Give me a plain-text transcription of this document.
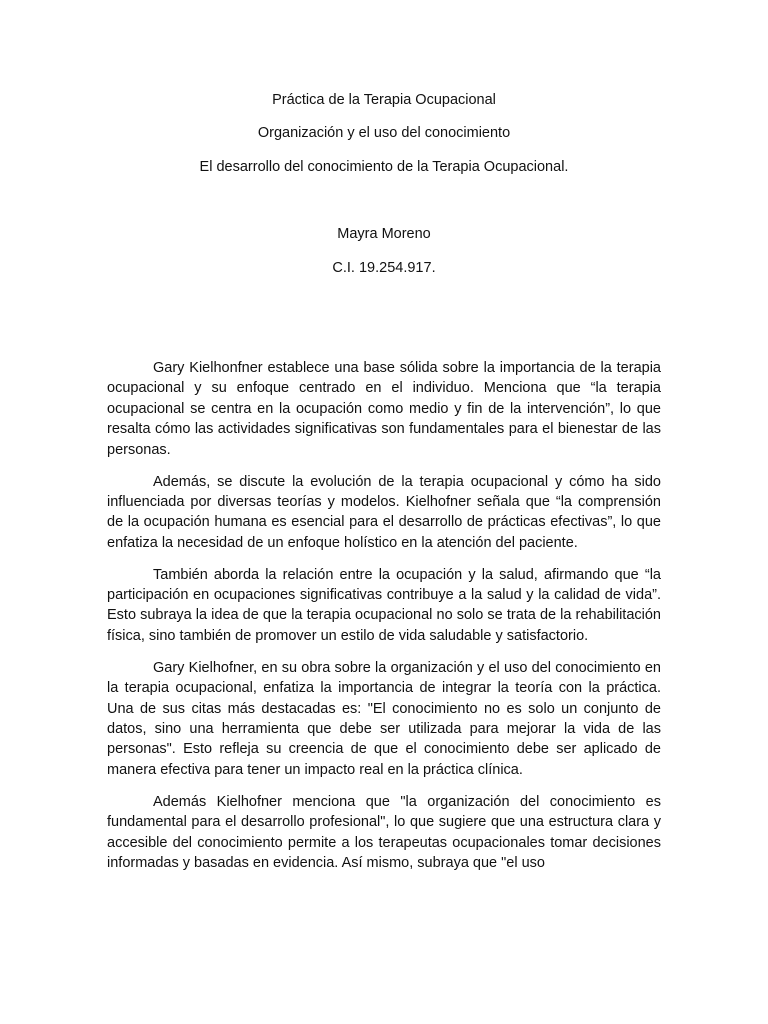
Práctica de la Terapia Ocupacional
Organización y el uso del conocimiento
El desarrollo del conocimiento de la Terapia Ocupacional.
Mayra Moreno
C.I. 19.254.917.

Gary Kielhonfner establece una base sólida sobre la importancia de la terapia ocupacional y su enfoque centrado en el individuo. Menciona que “la terapia ocupacional se centra en la ocupación como medio y fin de la intervención”, lo que resalta cómo las actividades significativas son fundamentales para el bienestar de las personas.

Además, se discute la evolución de la terapia ocupacional y cómo ha sido influenciada por diversas teorías y modelos. Kielhofner señala que “la comprensión de la ocupación humana es esencial para el desarrollo de prácticas efectivas”, lo que enfatiza la necesidad de un enfoque holístico en la atención del paciente.

También aborda la relación entre la ocupación y la salud, afirmando que “la participación en ocupaciones significativas contribuye a la salud y la calidad de vida”. Esto subraya la idea de que la terapia ocupacional no solo se trata de la rehabilitación física, sino también de promover un estilo de vida saludable y satisfactorio.

Gary Kielhofner, en su obra sobre la organización y el uso del conocimiento en la terapia ocupacional, enfatiza la importancia de integrar la teoría con la práctica. Una de sus citas más destacadas es: "El conocimiento no es solo un conjunto de datos, sino una herramienta que debe ser utilizada para mejorar la vida de las personas". Esto refleja su creencia de que el conocimiento debe ser aplicado de manera efectiva para tener un impacto real en la práctica clínica.

Además Kielhofner menciona que "la organización del conocimiento es fundamental para el desarrollo profesional", lo que sugiere que una estructura clara y accesible del conocimiento permite a los terapeutas ocupacionales tomar decisiones informadas y basadas en evidencia. Así mismo, subraya que "el uso
